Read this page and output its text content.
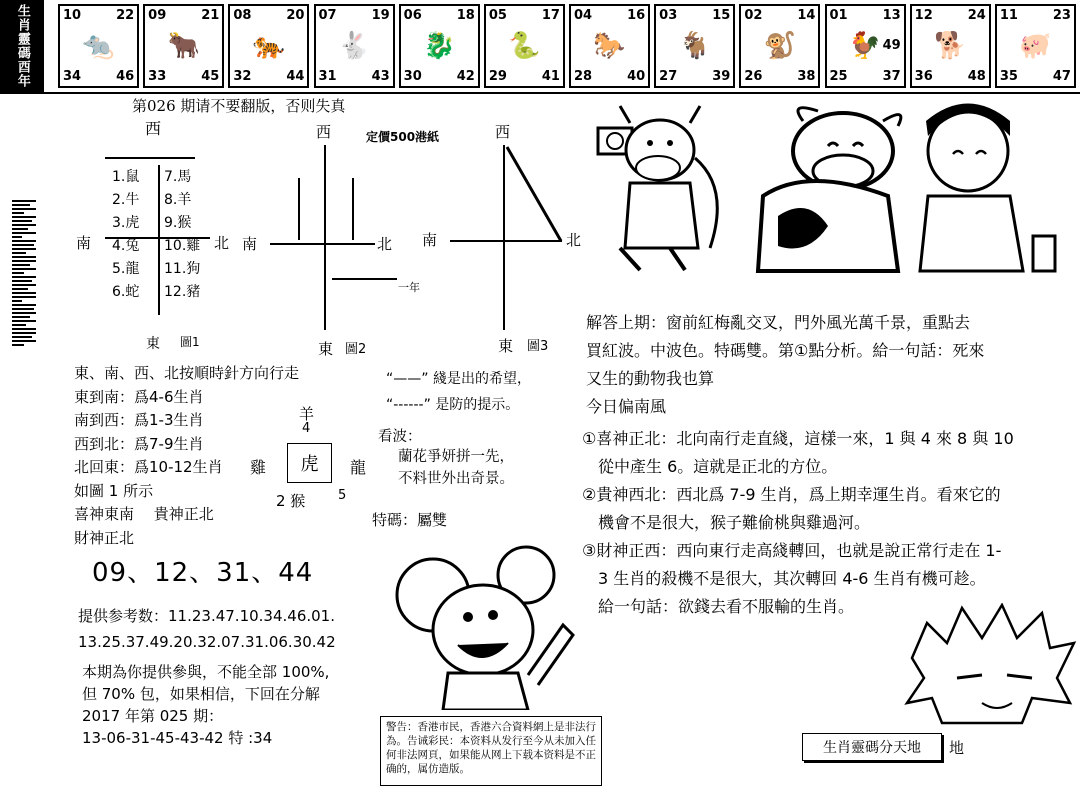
生肖靈碼酉年	10	22
34	46
🐀
09	21
33	45
🐂
08	20
32	44
🐅
07	19
31	43
🐇
06	18
30	42
🐉
05	17
29	41
🐍
04	16
28	40
🐎
03	15
27	39
🐐
02	14
26	38
🐒
01	13
25	37
49
🐓
12	24
36	48
🐕
11	23
35	47
🐖
第026 期请不要翻版，否则失真
定價500港紙
西
南	北
1.鼠
2.牛
3.虎
4.兔
5.龍
6.蛇
7.馬
8.羊
9.猴
10.雞
11.狗
12.豬
東 圖1
西
南	北
一年
東 圖2
西
南	北
東 圖3
東、南、西、北按順時針方向行走
東到南：爲4-6生肖
南到西：爲1-3生肖
西到北：爲7-9生肖
北回東：爲10-12生肖
如圖 1 所示
喜神東南　 貴神正北
財神正北
羊
4
雞	虎	龍
2 猴	5
“——” 綫是出的希望，
“------” 是防的提示。
看波：
蘭花爭妍拼一先，
不料世外出奇景。
特碼：屬雙
09、12、31、44
提供参考数：11.23.47.10.34.46.01.
13.25.37.49.20.32.07.31.06.30.42
本期為你提供參與，不能全部 100%,
但 70% 包，如果相信，下回在分解
2017 年第 025 期：
13-06-31-45-43-42 特 :34
解答上期：窗前紅梅亂交叉，門外風光萬千景，重點去
買紅波。中波色。特碼雙。第①點分析。給一句話：死來
又生的動物我也算
今日偏南風
①喜神正北：北向南行走直綫，這樣一來，1 與 4 來 8 與 10
　從中產生 6。這就是正北的方位。
②貴神西北：西北爲 7-9 生肖，爲上期幸運生肖。看來它的
　機會不是很大，猴子難偷桃與雞過河。
③財神正西：西向東行走高綫轉回，也就是說正常行走在 1-
　3 生肖的殺機不是很大，其次轉回 4-6 生肖有機可趁。
　給一句話：欲錢去看不服輸的生肖。
生肖靈碼分天地	地
警告：香港市民，香港六合資料網上是非法行為。告诫彩民：本资料从发行至今从未加入任何非法网頁，如果能从网上下载本资料是不正确的，属仿造版。
